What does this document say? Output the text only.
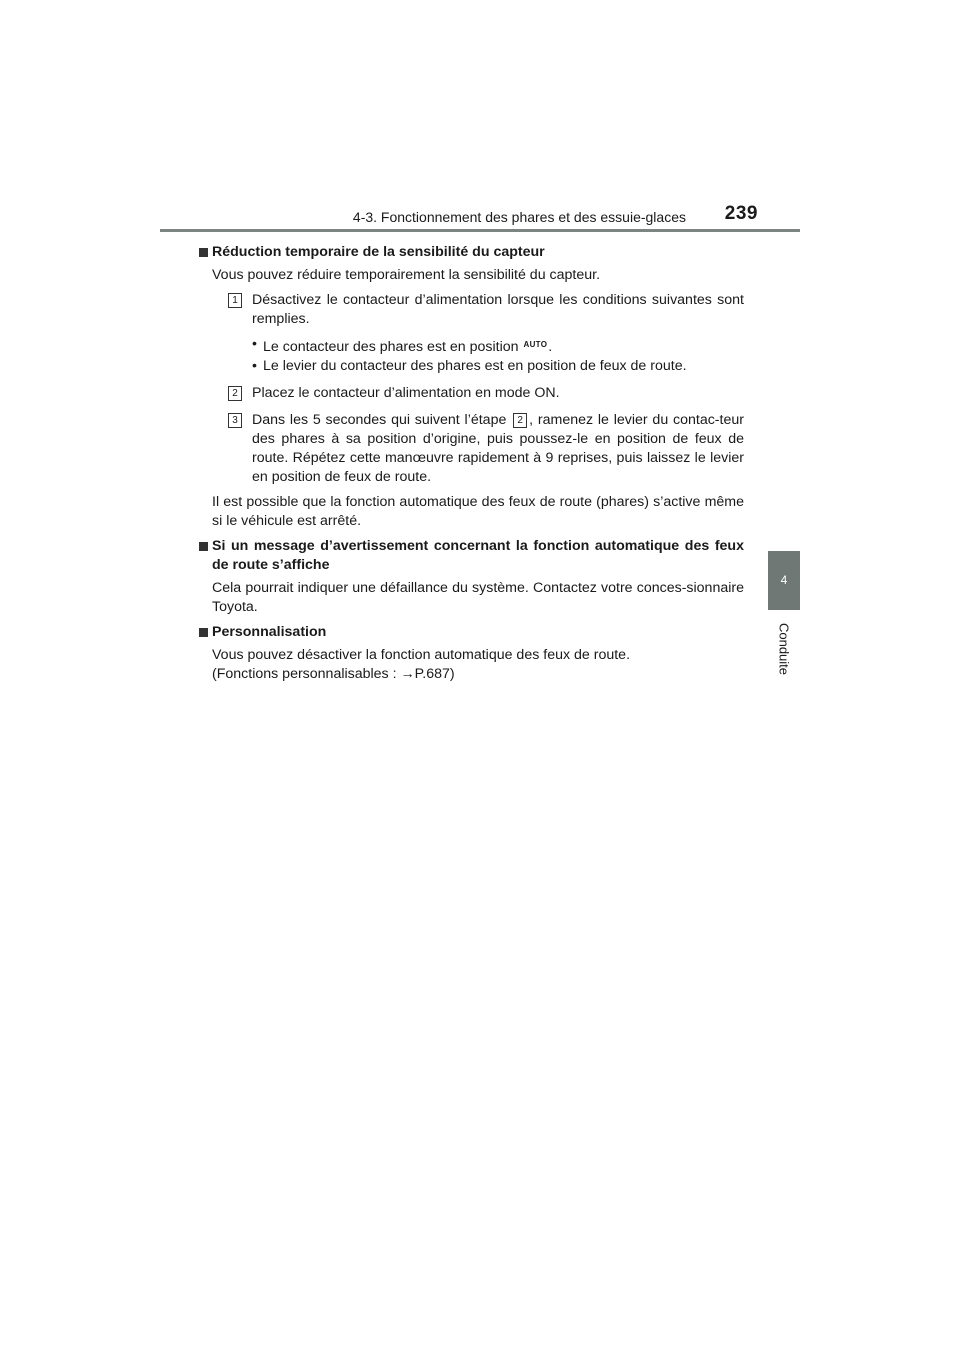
4-3. Fonctionnement des phares et des essuie-glaces 239
4
Conduite
Réduction temporaire de la sensibilité du capteur

Vous pouvez réduire temporairement la sensibilité du capteur.

1 Désactivez le contacteur d’alimentation lorsque les conditions suivantes sont remplies.
• Le contacteur des phares est en position $^{AUTO}$.
• Le levier du contacteur des phares est en position de feux de route.
2 Placez le contacteur d’alimentation en mode ON.
3 Dans les 5 secondes qui suivent l’étape 2 , ramenez le levier du contac-teur des phares à sa position d’origine, puis poussez-le en position de feux de route. Répétez cette manœuvre rapidement à 9 reprises, puis laissez le levier en position de feux de route.

Il est possible que la fonction automatique des feux de route (phares) s’active même si le véhicule est arrêté.

Si un message d’avertissement concernant la fonction automatique des feux de route s’affiche

Cela pourrait indiquer une défaillance du système. Contactez votre conces-sionnaire Toyota.

Personnalisation

Vous pouvez désactiver la fonction automatique des feux de route.

(Fonctions personnalisables : →P.687)
